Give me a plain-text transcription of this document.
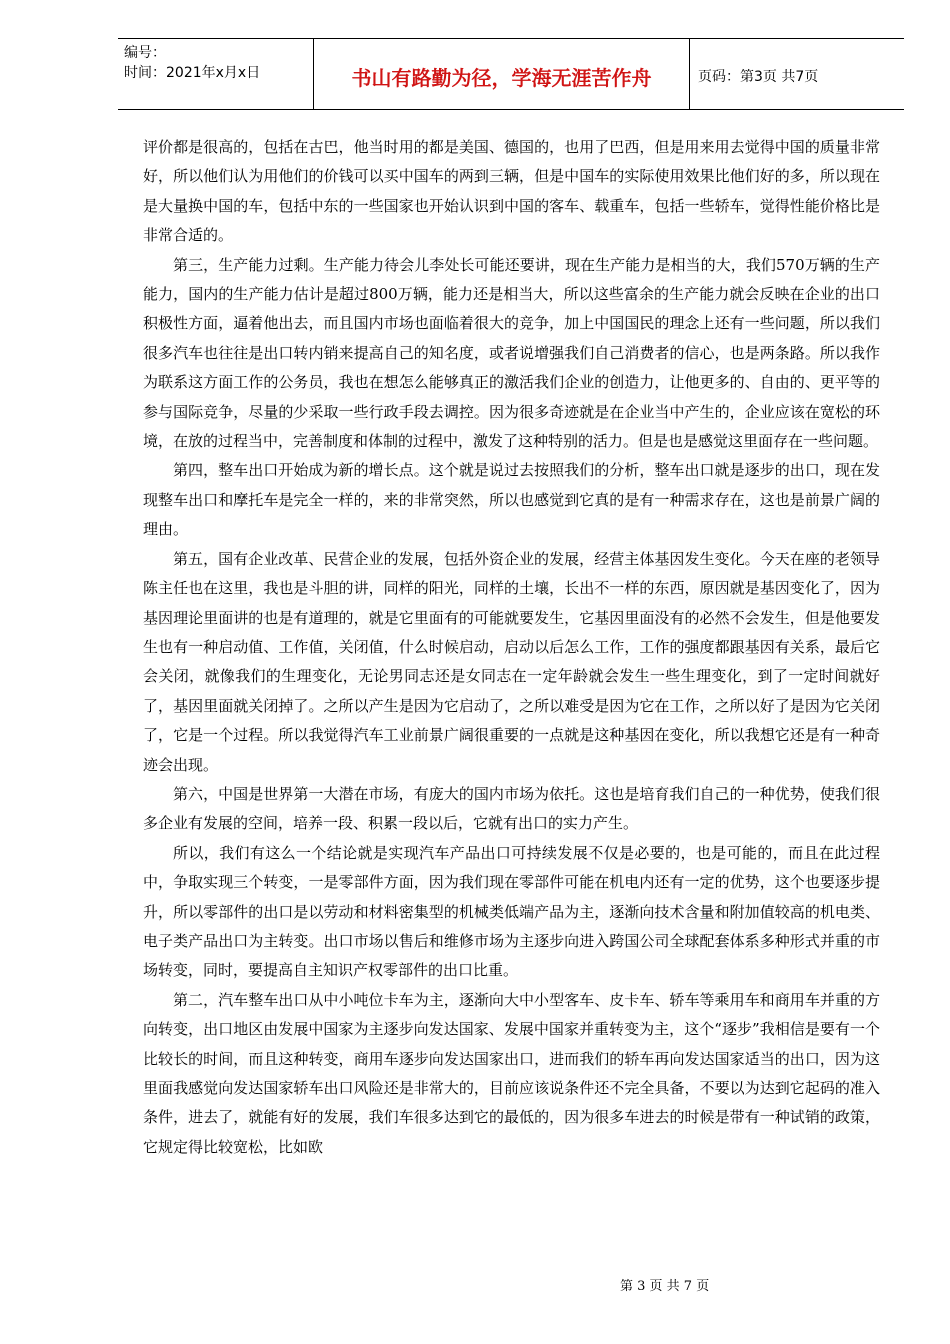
编号：
时间：2021年x月x日	书山有路勤为径，学海无涯苦作舟	页码：第3页 共7页

评价都是很高的，包括在古巴，他当时用的都是美国、德国的，也用了巴西，但是用来用去觉得中国的质量非常好，所以他们认为用他们的价钱可以买中国车的两到三辆，但是中国车的实际使用效果比他们好的多，所以现在是大量换中国的车，包括中东的一些国家也开始认识到中国的客车、载重车，包括一些轿车，觉得性能价格比是非常合适的。

第三，生产能力过剩。生产能力待会儿李处长可能还要讲，现在生产能力是相当的大，我们570万辆的生产能力，国内的生产能力估计是超过800万辆，能力还是相当大，所以这些富余的生产能力就会反映在企业的出口积极性方面，逼着他出去，而且国内市场也面临着很大的竞争，加上中国国民的理念上还有一些问题，所以我们很多汽车也往往是出口转内销来提高自己的知名度，或者说增强我们自己消费者的信心，也是两条路。所以我作为联系这方面工作的公务员，我也在想怎么能够真正的激活我们企业的创造力，让他更多的、自由的、更平等的参与国际竞争，尽量的少采取一些行政手段去调控。因为很多奇迹就是在企业当中产生的，企业应该在宽松的环境，在放的过程当中，完善制度和体制的过程中，激发了这种特别的活力。但是也是感觉这里面存在一些问题。

第四，整车出口开始成为新的增长点。这个就是说过去按照我们的分析，整车出口就是逐步的出口，现在发现整车出口和摩托车是完全一样的，来的非常突然，所以也感觉到它真的是有一种需求存在，这也是前景广阔的理由。

第五，国有企业改革、民营企业的发展，包括外资企业的发展，经营主体基因发生变化。今天在座的老领导陈主任也在这里，我也是斗胆的讲，同样的阳光，同样的土壤，长出不一样的东西，原因就是基因变化了，因为基因理论里面讲的也是有道理的，就是它里面有的可能就要发生，它基因里面没有的必然不会发生，但是他要发生也有一种启动值、工作值，关闭值，什么时候启动，启动以后怎么工作，工作的强度都跟基因有关系，最后它会关闭，就像我们的生理变化，无论男同志还是女同志在一定年龄就会发生一些生理变化，到了一定时间就好了，基因里面就关闭掉了。之所以产生是因为它启动了，之所以难受是因为它在工作，之所以好了是因为它关闭了，它是一个过程。所以我觉得汽车工业前景广阔很重要的一点就是这种基因在变化，所以我想它还是有一种奇迹会出现。

第六，中国是世界第一大潜在市场，有庞大的国内市场为依托。这也是培育我们自己的一种优势，使我们很多企业有发展的空间，培养一段、积累一段以后，它就有出口的实力产生。

所以，我们有这么一个结论就是实现汽车产品出口可持续发展不仅是必要的，也是可能的，而且在此过程中，争取实现三个转变，一是零部件方面，因为我们现在零部件可能在机电内还有一定的优势，这个也要逐步提升，所以零部件的出口是以劳动和材料密集型的机械类低端产品为主，逐渐向技术含量和附加值较高的机电类、电子类产品出口为主转变。出口市场以售后和维修市场为主逐步向进入跨国公司全球配套体系多种形式并重的市场转变，同时，要提高自主知识产权零部件的出口比重。

第二，汽车整车出口从中小吨位卡车为主，逐渐向大中小型客车、皮卡车、轿车等乘用车和商用车并重的方向转变，出口地区由发展中国家为主逐步向发达国家、发展中国家并重转变为主，这个“逐步”我相信是要有一个比较长的时间，而且这种转变，商用车逐步向发达国家出口，进而我们的轿车再向发达国家适当的出口，因为这里面我感觉向发达国家轿车出口风险还是非常大的，目前应该说条件还不完全具备，不要以为达到它起码的准入条件，进去了，就能有好的发展，我们车很多达到它的最低的，因为很多车进去的时候是带有一种试销的政策，它规定得比较宽松，比如欧

第 3 页 共 7 页
